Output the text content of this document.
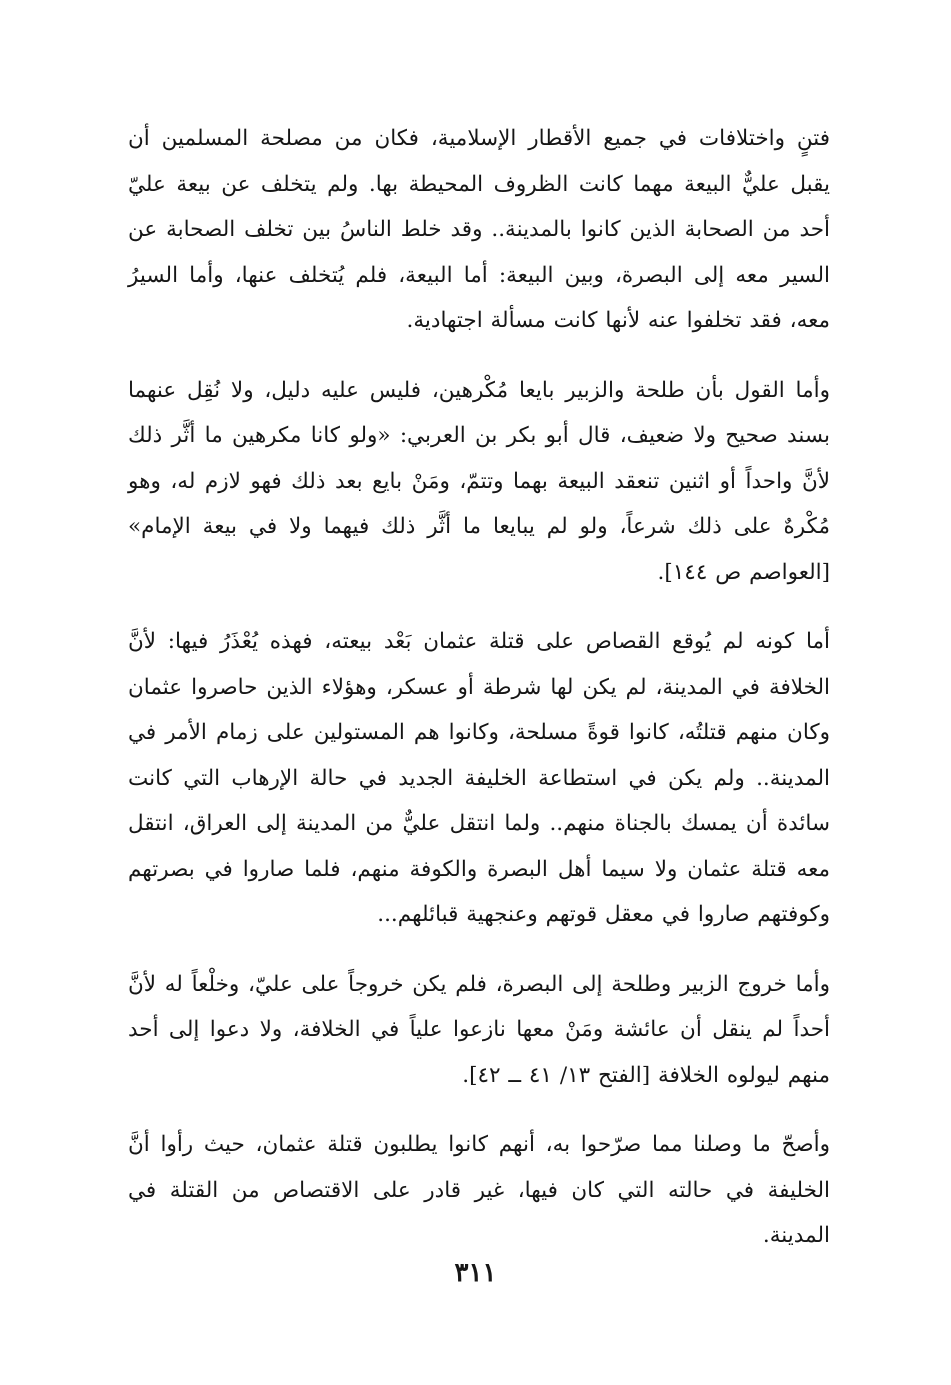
فتنٍ واختلافات في جميع الأقطار الإسلامية، فكان من مصلحة المسلمين أن يقبل عليٌّ البيعة مهما كانت الظروف المحيطة بها. ولم يتخلف عن بيعة عليّ أحد من الصحابة الذين كانوا بالمدينة.. وقد خلط الناسُ بين تخلف الصحابة عن السير معه إلى البصرة، وبين البيعة: أما البيعة، فلم يُتخلف عنها، وأما السيرُ معه، فقد تخلفوا عنه لأنها كانت مسألة اجتهادية.

وأما القول بأن طلحة والزبير بايعا مُكْرهين، فليس عليه دليل، ولا نُقِل عنهما بسند صحيح ولا ضعيف، قال أبو بكر بن العربي: «ولو كانا مكرهين ما أثَّر ذلك لأنَّ واحداً أو اثنين تنعقد البيعة بهما وتتمّ، ومَنْ بايع بعد ذلك فهو لازم له، وهو مُكْرهٌ على ذلك شرعاً، ولو لم يبايعا ما أثَّر ذلك فيهما ولا في بيعة الإمام» [العواصم ص ١٤٤].

أما كونه لم يُوقع القصاص على قتلة عثمان بَعْد بيعته، فهذه يُعْذَرُ فيها: لأنَّ الخلافة في المدينة، لم يكن لها شرطة أو عسكر، وهؤلاء الذين حاصروا عثمان وكان منهم قتلتُه، كانوا قوةً مسلحة، وكانوا هم المستولين على زمام الأمر في المدينة.. ولم يكن في استطاعة الخليفة الجديد في حالة الإرهاب التي كانت سائدة أن يمسك بالجناة منهم.. ولما انتقل عليٌّ من المدينة إلى العراق، انتقل معه قتلة عثمان ولا سيما أهل البصرة والكوفة منهم، فلما صاروا في بصرتهم وكوفتهم صاروا في معقل قوتهم وعنجهية قبائلهم...

وأما خروج الزبير وطلحة إلى البصرة، فلم يكن خروجاً على عليّ، وخلْعاً له لأنَّ أحداً لم ينقل أن عائشة ومَنْ معها نازعوا علياً في الخلافة، ولا دعوا إلى أحد منهم ليولوه الخلافة [الفتح ١٣/ ٤١ ــ ٤٢].

وأصحّ ما وصلنا مما صرّحوا به، أنهم كانوا يطلبون قتلة عثمان، حيث رأوا أنَّ الخليفة في حالته التي كان فيها، غير قادر على الاقتصاص من القتلة في المدينة.

٣١١
